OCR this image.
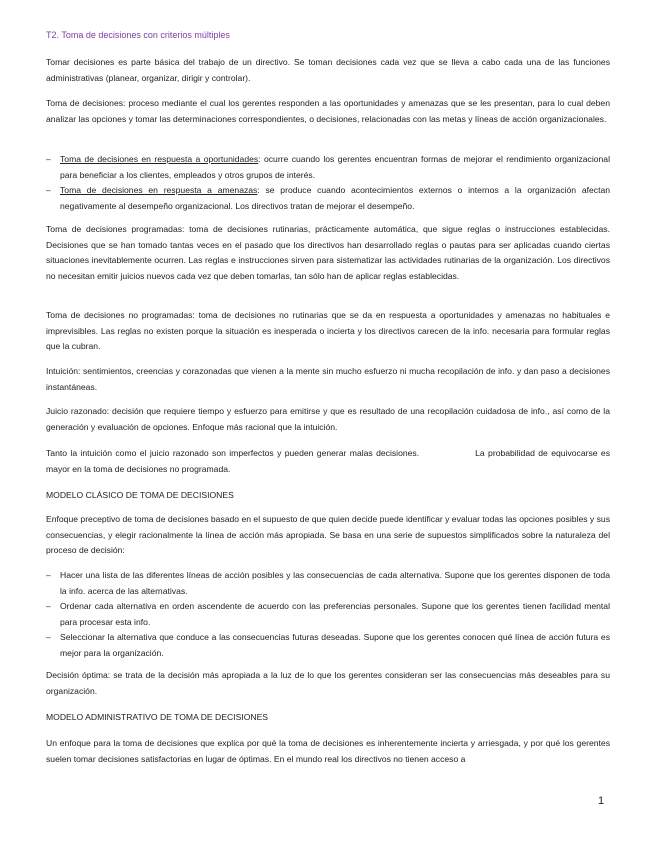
T2. Toma de decisiones con criterios múltiples

Tomar decisiones es parte básica del trabajo de un directivo. Se toman decisiones cada vez que se lleva a cabo cada una de las funciones administrativas (planear, organizar, dirigir y controlar).

Toma de decisiones: proceso mediante el cual los gerentes responden a las oportunidades y amenazas que se les presentan, para lo cual deben analizar las opciones y tomar las determinaciones correspondientes, o decisiones, relacionadas con las metas y líneas de acción organizacionales.

– Toma de decisiones en respuesta a oportunidades: ocurre cuando los gerentes encuentran formas de mejorar el rendimiento organizacional para beneficiar a los clientes, empleados y otros grupos de interés.
– Toma de decisiones en respuesta a amenazas: se produce cuando acontecimientos externos o internos a la organización afectan negativamente al desempeño organizacional. Los directivos tratan de mejorar el desempeño.

Toma de decisiones programadas: toma de decisiones rutinarias, prácticamente automática, que sigue reglas o instrucciones establecidas. Decisiones que se han tomado tantas veces en el pasado que los directivos han desarrollado reglas o pautas para ser aplicadas cuando ciertas situaciones inevitablemente ocurren. Las reglas e instrucciones sirven para sistematizar las actividades rutinarias de la organización. Los directivos no necesitan emitir juicios nuevos cada vez que deben tomarlas, tan sólo han de aplicar reglas establecidas.

Toma de decisiones no programadas: toma de decisiones no rutinarias que se da en respuesta a oportunidades y amenazas no habituales e imprevisibles. Las reglas no existen porque la situación es inesperada o incierta y los directivos carecen de la info. necesaria para formular reglas que la cubran.

Intuición: sentimientos, creencias y corazonadas que vienen a la mente sin mucho esfuerzo ni mucha recopilación de info. y dan paso a decisiones instantáneas.

Juicio razonado: decisión que requiere tiempo y esfuerzo para emitirse y que es resultado de una recopilación cuidadosa de info., así como de la generación y evaluación de opciones. Enfoque más racional que la intuición.

Tanto la intuición como el juicio razonado son imperfectos y pueden generar malas decisiones.	La probabilidad de equivocarse es mayor en la toma de decisiones no programada.

MODELO CLÁSICO DE TOMA DE DECISIONES

Enfoque preceptivo de toma de decisiones basado en el supuesto de que quien decide puede identificar y evaluar todas las opciones posibles y sus consecuencias, y elegir racionalmente la línea de acción más apropiada. Se basa en una serie de supuestos simplificados sobre la naturaleza del proceso de decisión:

– Hacer una lista de las diferentes líneas de acción posibles y las consecuencias de cada alternativa. Supone que los gerentes disponen de toda la info. acerca de las alternativas.
– Ordenar cada alternativa en orden ascendente de acuerdo con las preferencias personales. Supone que los gerentes tienen facilidad mental para procesar esta info.
– Seleccionar la alternativa que conduce a las consecuencias futuras deseadas. Supone que los gerentes conocen qué línea de acción futura es mejor para la organización.

Decisión óptima: se trata de la decisión más apropiada a la luz de lo que los gerentes consideran ser las consecuencias más deseables para su organización.

MODELO ADMINISTRATIVO DE TOMA DE DECISIONES

Un enfoque para la toma de decisiones que explica por qué la toma de decisiones es inherentemente incierta y arriesgada, y por qué los gerentes suelen tomar decisiones satisfactorias en lugar de óptimas. En el mundo real los directivos no tienen acceso a

1
